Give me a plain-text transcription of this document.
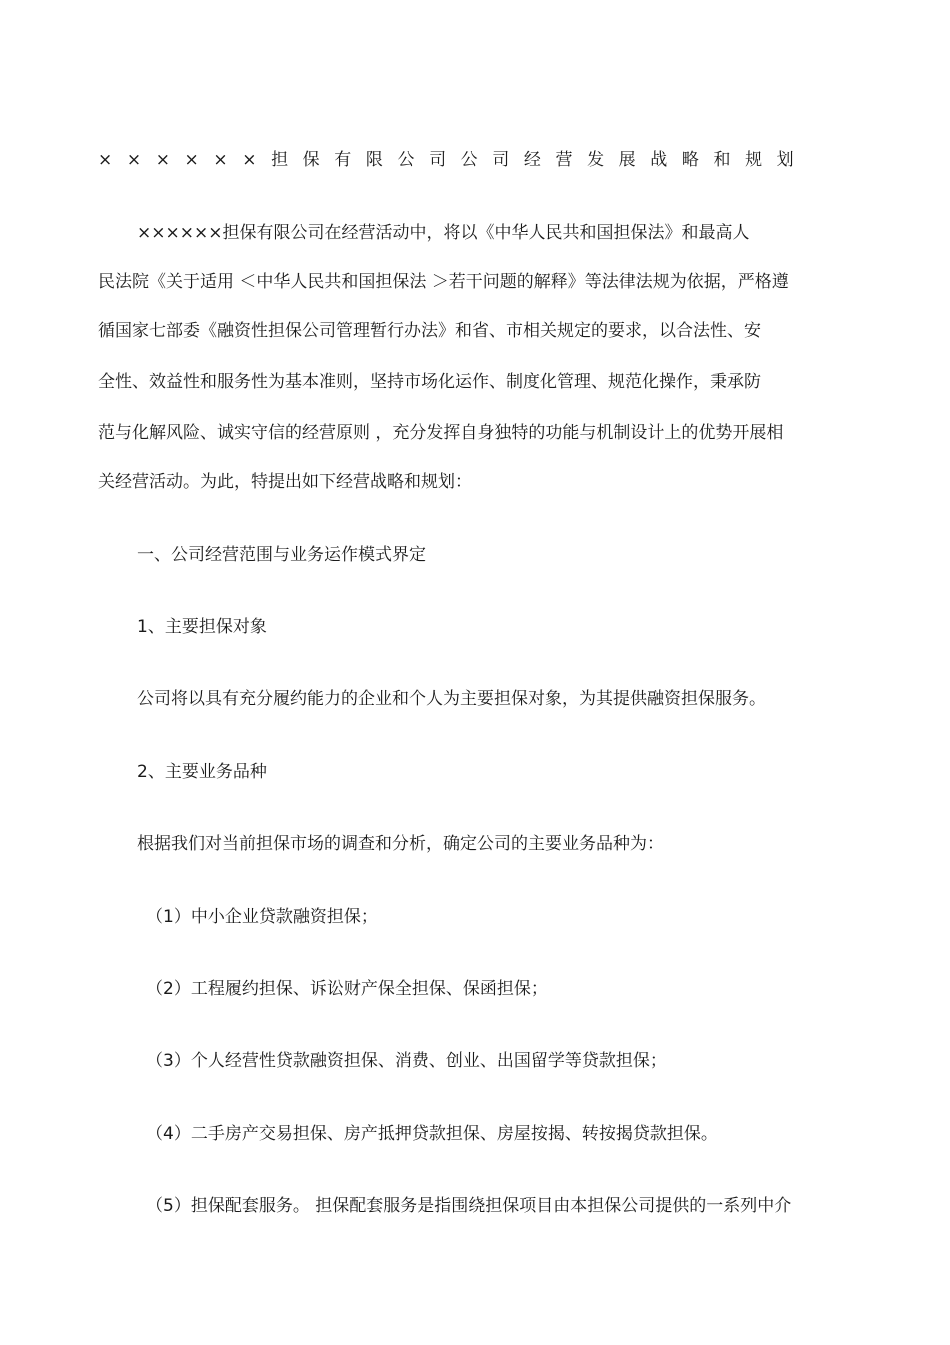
××××××担保有限公司公司经营发展战略和规划
××××××担保有限公司在经营活动中，将以《中华人民共和国担保法》和最高人
民法院《关于适用 ＜中华人民共和国担保法 ＞若干问题的解释》等法律法规为依据，严格遵
循国家七部委《融资性担保公司管理暂行办法》和省、市相关规定的要求，以合法性、安
全性、效益性和服务性为基本准则，坚持市场化运作、制度化管理、规范化操作，秉承防
范与化解风险、诚实守信的经营原则 ，充分发挥自身独特的功能与机制设计上的优势开展相
关经营活动。为此，特提出如下经营战略和规划：
一、公司经营范围与业务运作模式界定
1、主要担保对象
公司将以具有充分履约能力的企业和个人为主要担保对象，为其提供融资担保服务。
2、主要业务品种
根据我们对当前担保市场的调查和分析，确定公司的主要业务品种为：
（1）中小企业贷款融资担保；
（2）工程履约担保、诉讼财产保全担保、保函担保；
（3）个人经营性贷款融资担保、消费、创业、出国留学等贷款担保；
（4）二手房产交易担保、房产抵押贷款担保、房屋按揭、转按揭贷款担保。
（5）担保配套服务。 担保配套服务是指围绕担保项目由本担保公司提供的一系列中介
